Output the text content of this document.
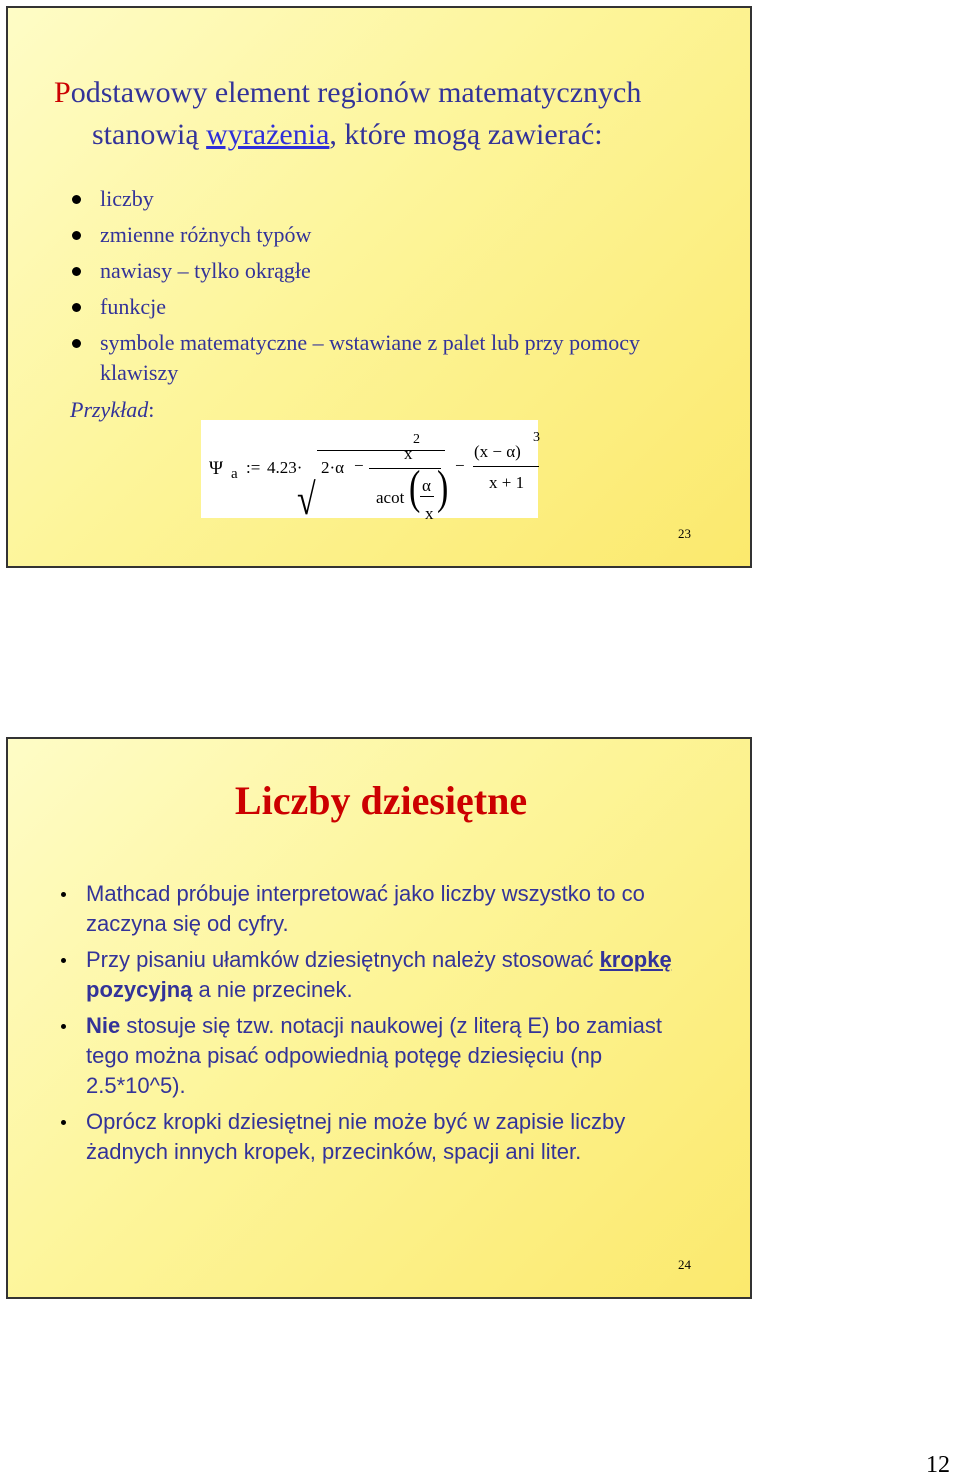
Podstawowy element regionów matematycznych
stanowią wyrażenia, które mogą zawierać:
liczby
zmienne różnych typów
nawiasy – tylko okrągłe
funkcje
symbole matematyczne – wstawiane z palet lub przy pomocy klawiszy
Przykład:
Ψ a := 4.23·
√
2·α −
x
2
acot ( )
α
x
−
(x − α)
3
x + 1
23
Liczby dziesiętne
Mathcad próbuje interpretować jako liczby wszystko to co zaczyna się od cyfry.
Przy pisaniu ułamków dziesiętnych należy stosować kropkę pozycyjną a nie przecinek.
Nie stosuje się tzw. notacji naukowej (z literą E) bo zamiast tego można pisać odpowiednią potęgę dziesięciu (np 2.5*10^5).
Oprócz kropki dziesiętnej nie może być w zapisie liczby żadnych innych kropek, przecinków, spacji ani liter.
24
12
